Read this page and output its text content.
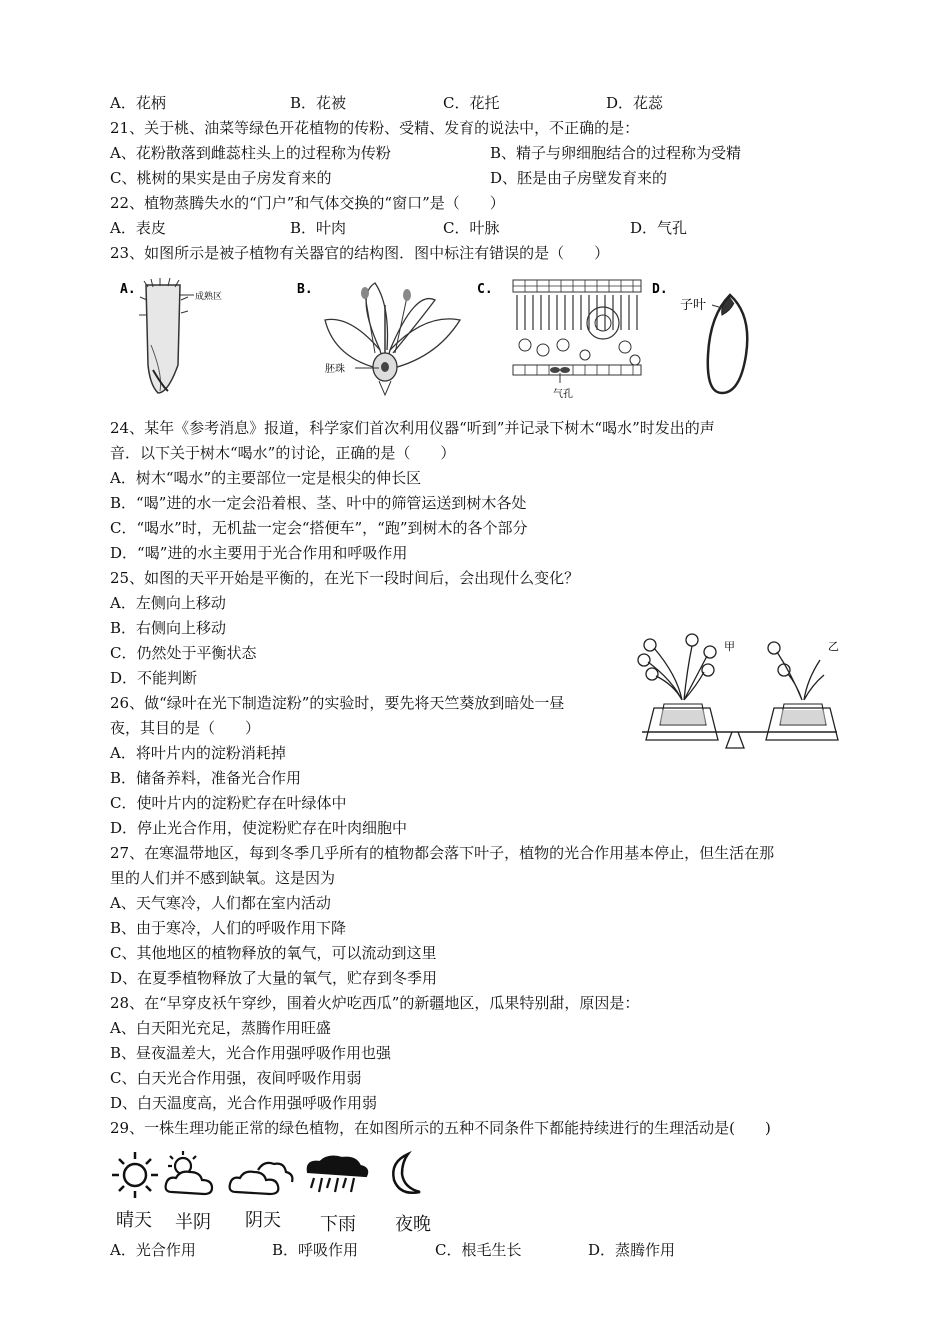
A．花柄	B．花被	C．花托	D．花蕊
21、关于桃、油菜等绿色开花植物的传粉、受精、发育的说法中，不正确的是：
A、花粉散落到雌蕊柱头上的过程称为传粉	B、精子与卵细胞结合的过程称为受精
C、桃树的果实是由子房发育来的	D、胚是由子房壁发育来的
22、植物蒸腾失水的“门户”和气体交换的“窗口”是（　　）
A．表皮	B．叶肉	C．叶脉	D．气孔
23、如图所示是被子植物有关器官的结构图．图中标注有错误的是（　　）
A.	成熟区	B.
胚珠
C.
气孔
D.
子叶
24、某年《参考消息》报道，科学家们首次利用仪器“听到”并记录下树木“喝水”时发出的声
音．以下关于树木“喝水”的讨论，正确的是（　　）
A．树木“喝水”的主要部位一定是根尖的伸长区
B．“喝”进的水一定会沿着根、茎、叶中的筛管运送到树木各处
C．“喝水”时，无机盐一定会“搭便车”，“跑”到树木的各个部分
D．“喝”进的水主要用于光合作用和呼吸作用
25、如图的天平开始是平衡的，在光下一段时间后，会出现什么变化？
A．左侧向上移动
B．右侧向上移动
C．仍然处于平衡状态
D．不能判断
甲	乙
26、做“绿叶在光下制造淀粉”的实验时，要先将天竺葵放到暗处一昼
夜，其目的是（　　）
A．将叶片内的淀粉消耗掉
B．储备养料，准备光合作用
C．使叶片内的淀粉贮存在叶绿体中
D．停止光合作用，使淀粉贮存在叶肉细胞中
27、在寒温带地区，每到冬季几乎所有的植物都会落下叶子，植物的光合作用基本停止，但生活在那
里的人们并不感到缺氧。这是因为
A、天气寒冷，人们都在室内活动
B、由于寒冷，人们的呼吸作用下降
C、其他地区的植物释放的氧气，可以流动到这里
D、在夏季植物释放了大量的氧气，贮存到冬季用
28、在“早穿皮袄午穿纱，围着火炉吃西瓜”的新疆地区，瓜果特别甜，原因是：
A、白天阳光充足，蒸腾作用旺盛
B、昼夜温差大，光合作用强呼吸作用也强
C、白天光合作用强，夜间呼吸作用弱
D、白天温度高，光合作用强呼吸作用弱
29、一株生理功能正常的绿色植物，在如图所示的五种不同条件下都能持续进行的生理活动是(　　)
晴天 半阴 阴天 下雨 夜晚
A．光合作用	B．呼吸作用	C．根毛生长	D．蒸腾作用
